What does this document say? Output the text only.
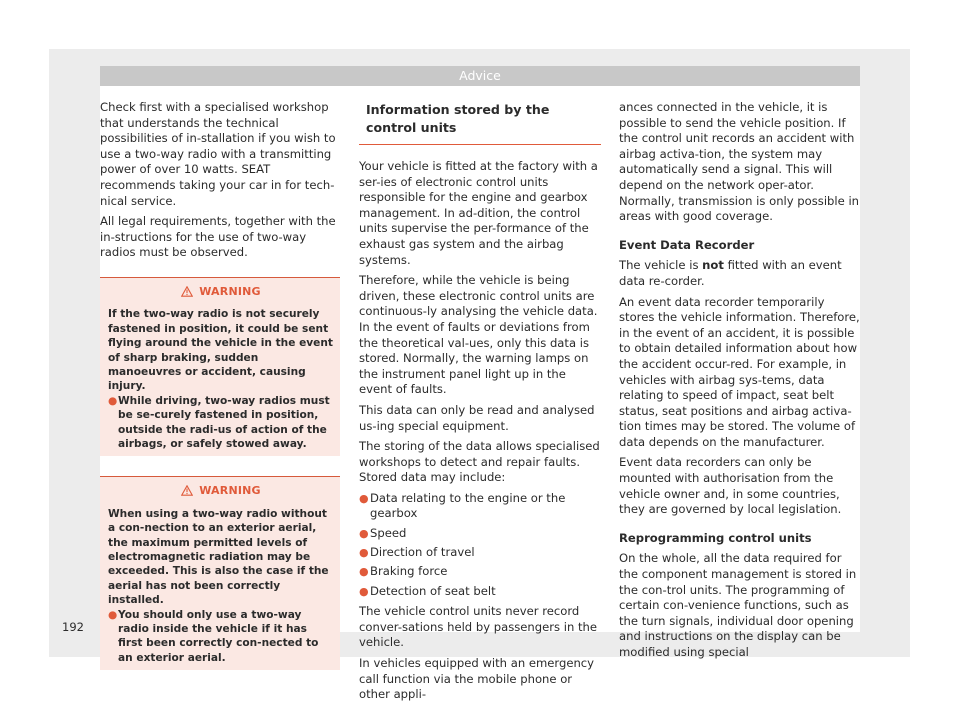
Advice

Check first with a specialised workshop that understands the technical possibilities of in-stallation if you wish to use a two-way radio with a transmitting power of over 10 watts. SEAT recommends taking your car in for tech-nical service.

All legal requirements, together with the in-structions for the use of two-way radios must be observed.

WARNING

If the two-way radio is not securely fastened in position, it could be sent flying around the vehicle in the event of sharp braking, sudden manoeuvres or accident, causing injury.

● While driving, two-way radios must be se-curely fastened in position, outside the radi-us of action of the airbags, or safely stowed away.
WARNING

When using a two-way radio without a con-nection to an exterior aerial, the maximum permitted levels of electromagnetic radiation may be exceeded. This is also the case if the aerial has not been correctly installed.

● You should only use a two-way radio inside the vehicle if it has first been correctly con-nected to an exterior aerial.
Information stored by the control units

Your vehicle is fitted at the factory with a ser-ies of electronic control units responsible for the engine and gearbox management. In ad-dition, the control units supervise the per-formance of the exhaust gas system and the airbag systems.

Therefore, while the vehicle is being driven, these electronic control units are continuous-ly analysing the vehicle data. In the event of faults or deviations from the theoretical val-ues, only this data is stored. Normally, the warning lamps on the instrument panel light up in the event of faults.

This data can only be read and analysed us-ing special equipment.

The storing of the data allows specialised workshops to detect and repair faults. Stored data may include:

● Data relating to the engine or the gearbox
● Speed
● Direction of travel
● Braking force
● Detection of seat belt

The vehicle control units never record conver-sations held by passengers in the vehicle.

In vehicles equipped with an emergency call function via the mobile phone or other appli-

ances connected in the vehicle, it is possible to send the vehicle position. If the control unit records an accident with airbag activa-tion, the system may automatically send a signal. This will depend on the network oper-ator. Normally, transmission is only possible in areas with good coverage.

Event Data Recorder

The vehicle is not fitted with an event data re-corder.

An event data recorder temporarily stores the vehicle information. Therefore, in the event of an accident, it is possible to obtain detailed information about how the accident occur-red. For example, in vehicles with airbag sys-tems, data relating to speed of impact, seat belt status, seat positions and airbag activa-tion times may be stored. The volume of data depends on the manufacturer.

Event data recorders can only be mounted with authorisation from the vehicle owner and, in some countries, they are governed by local legislation.

Reprogramming control units

On the whole, all the data required for the component management is stored in the con-trol units. The programming of certain con-venience functions, such as the turn signals, individual door opening and instructions on the display can be modified using special

192
